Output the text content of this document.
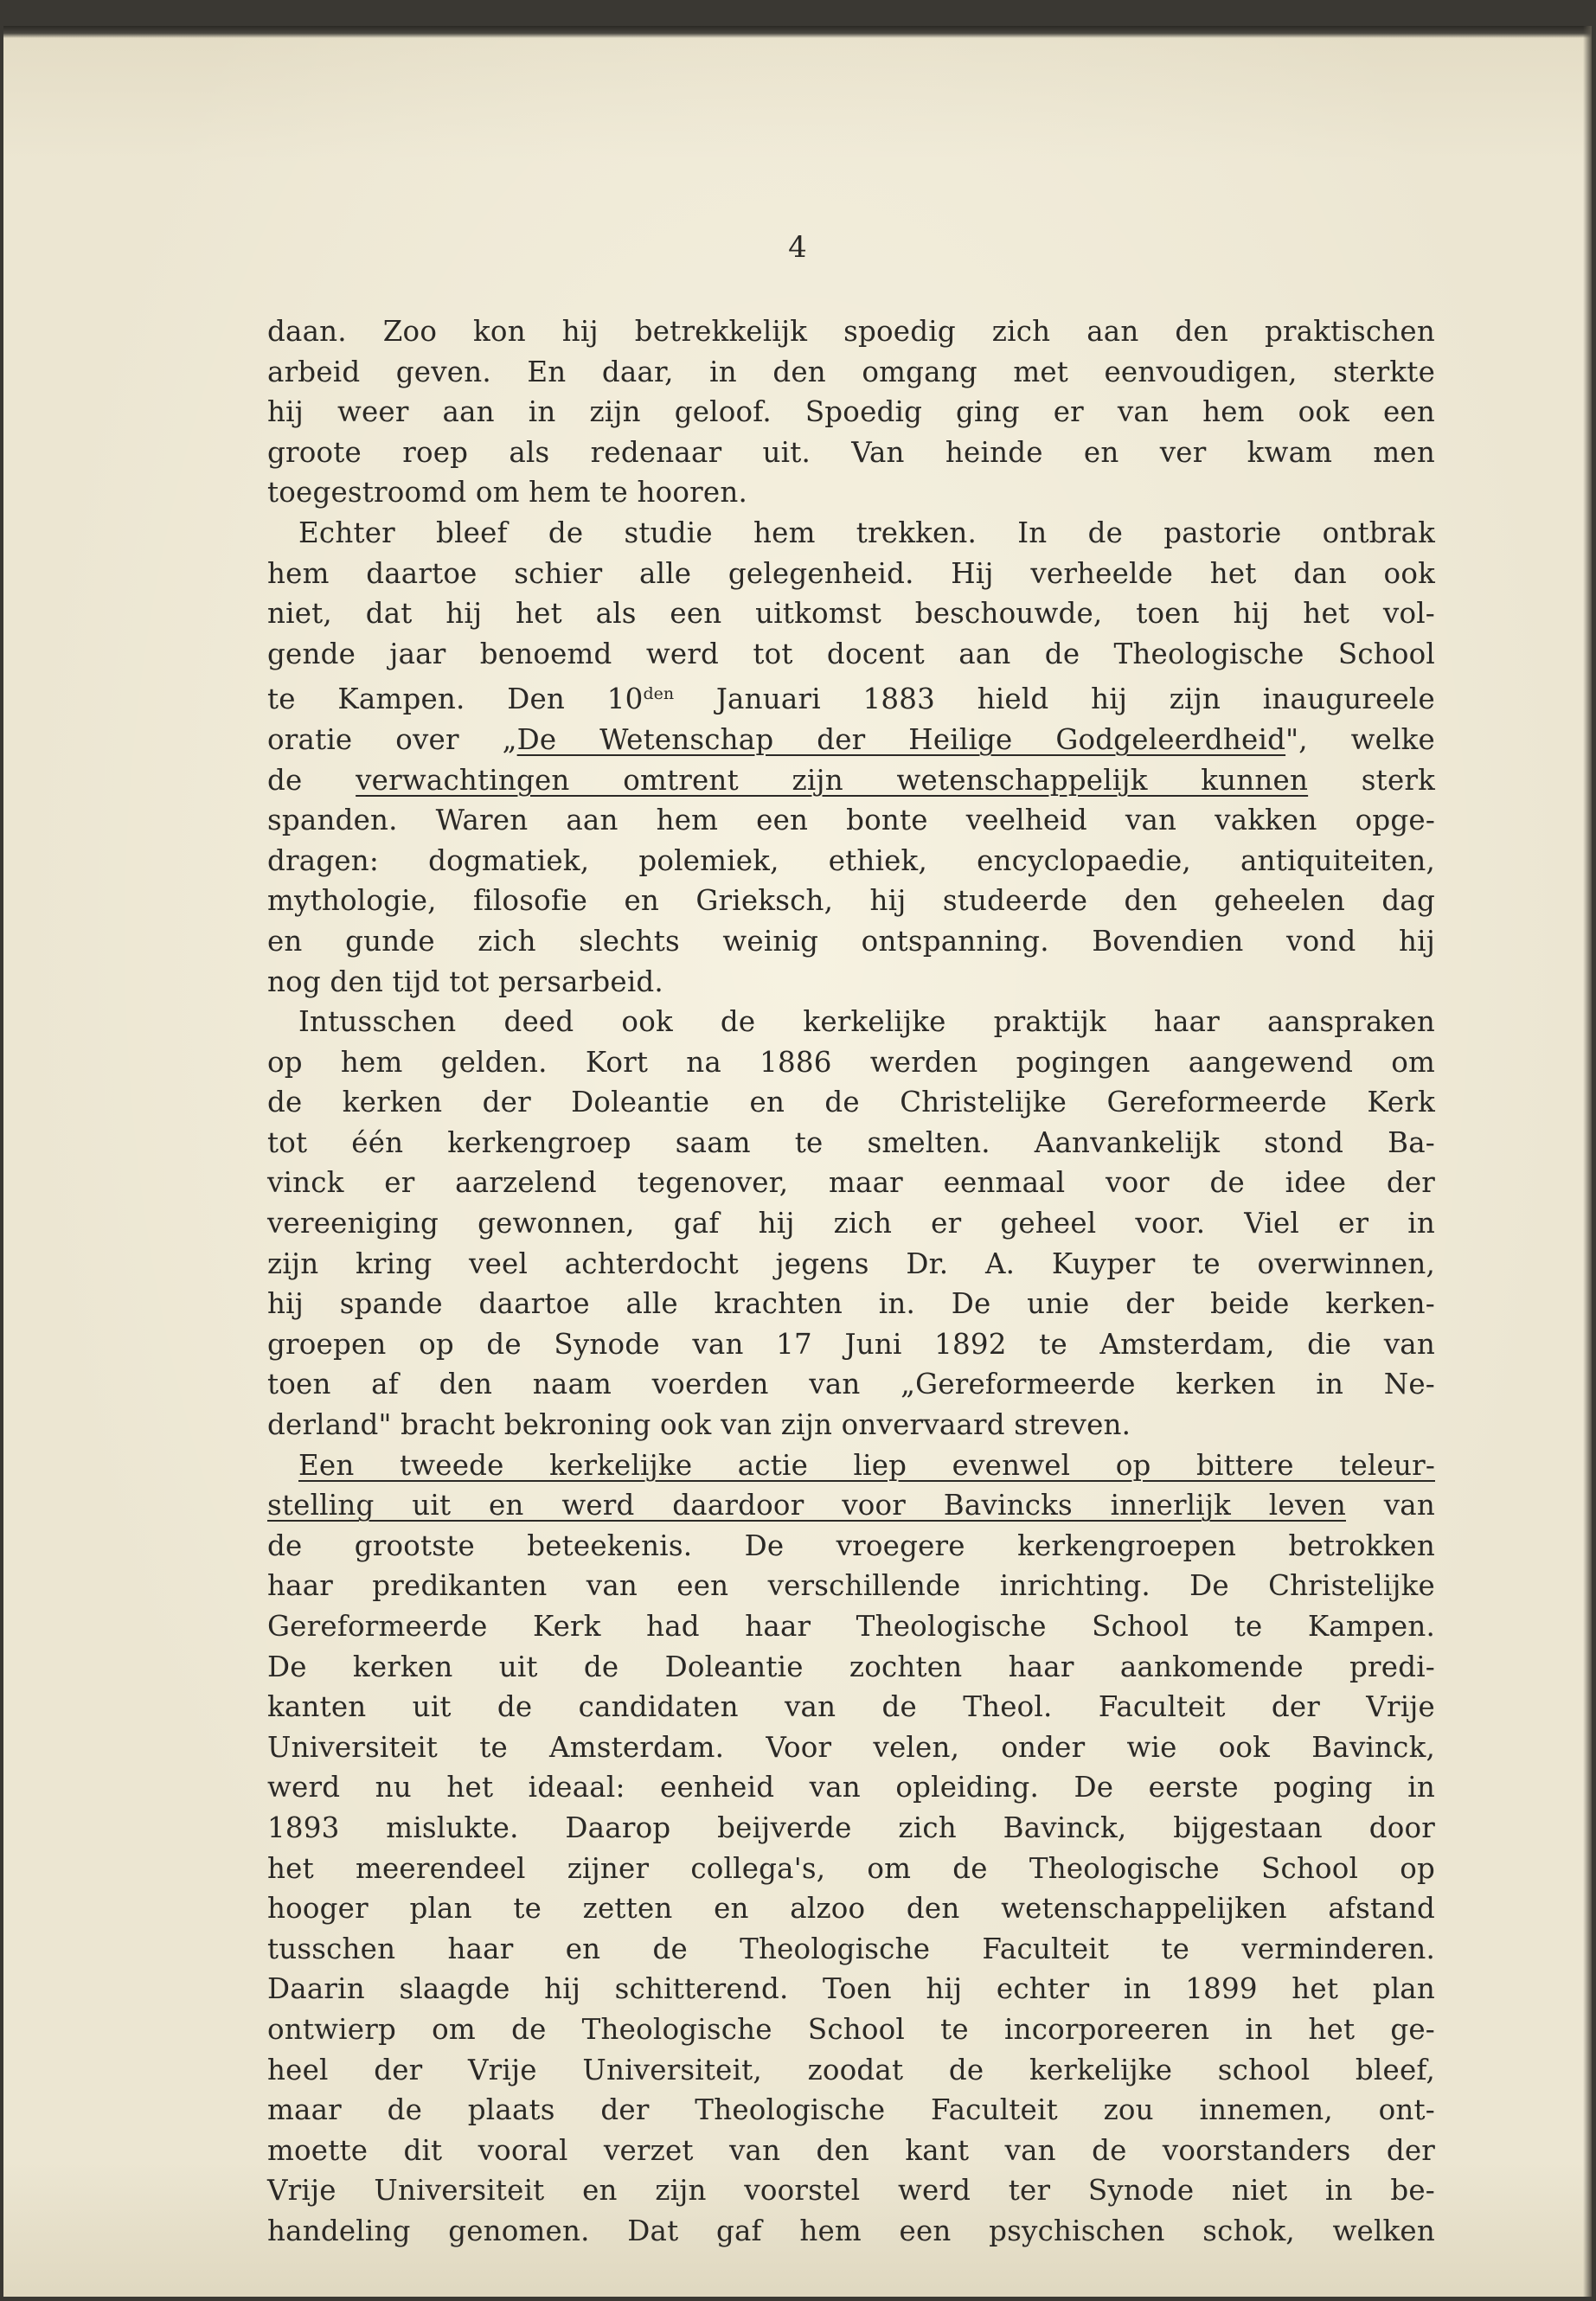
4
daan. Zoo kon hij betrekkelijk spoedig zich aan den praktischen
arbeid geven. En daar, in den omgang met eenvoudigen, sterkte
hij weer aan in zijn geloof. Spoedig ging er van hem ook een
groote roep als redenaar uit. Van heinde en ver kwam men
toegestroomd om hem te hooren.
Echter bleef de studie hem trekken. In de pastorie ontbrak
hem daartoe schier alle gelegenheid. Hij verheelde het dan ook
niet, dat hij het als een uitkomst beschouwde, toen hij het vol-
gende jaar benoemd werd tot docent aan de Theologische School
te Kampen. Den $10^{den}$ Januari 1883 hield hij zijn inaugureele
oratie over „De Wetenschap der Heilige Godgeleerdheid", welke
de verwachtingen omtrent zijn wetenschappelijk kunnen sterk
spanden. Waren aan hem een bonte veelheid van vakken opge-
dragen: dogmatiek, polemiek, ethiek, encyclopaedie, antiquiteiten,
mythologie, filosofie en Grieksch, hij studeerde den geheelen dag
en gunde zich slechts weinig ontspanning. Bovendien vond hij
nog den tijd tot persarbeid.
Intusschen deed ook de kerkelijke praktijk haar aanspraken
op hem gelden. Kort na 1886 werden pogingen aangewend om
de kerken der Doleantie en de Christelijke Gereformeerde Kerk
tot één kerkengroep saam te smelten. Aanvankelijk stond Ba-
vinck er aarzelend tegenover, maar eenmaal voor de idee der
vereeniging gewonnen, gaf hij zich er geheel voor. Viel er in
zijn kring veel achterdocht jegens Dr. A. Kuyper te overwinnen,
hij spande daartoe alle krachten in. De unie der beide kerken-
groepen op de Synode van 17 Juni 1892 te Amsterdam, die van
toen af den naam voerden van „Gereformeerde kerken in Ne-
derland" bracht bekroning ook van zijn onvervaard streven.
Een tweede kerkelijke actie liep evenwel op bittere teleur-
stelling uit en werd daardoor voor Bavincks innerlijk leven van
de grootste beteekenis. De vroegere kerkengroepen betrokken
haar predikanten van een verschillende inrichting. De Christelijke
Gereformeerde Kerk had haar Theologische School te Kampen.
De kerken uit de Doleantie zochten haar aankomende predi-
kanten uit de candidaten van de Theol. Faculteit der Vrije
Universiteit te Amsterdam. Voor velen, onder wie ook Bavinck,
werd nu het ideaal: eenheid van opleiding. De eerste poging in
1893 mislukte. Daarop beijverde zich Bavinck, bijgestaan door
het meerendeel zijner collega's, om de Theologische School op
hooger plan te zetten en alzoo den wetenschappelijken afstand
tusschen haar en de Theologische Faculteit te verminderen.
Daarin slaagde hij schitterend. Toen hij echter in 1899 het plan
ontwierp om de Theologische School te incorporeeren in het ge-
heel der Vrije Universiteit, zoodat de kerkelijke school bleef,
maar de plaats der Theologische Faculteit zou innemen, ont-
moette dit vooral verzet van den kant van de voorstanders der
Vrije Universiteit en zijn voorstel werd ter Synode niet in be-
handeling genomen. Dat gaf hem een psychischen schok, welken
